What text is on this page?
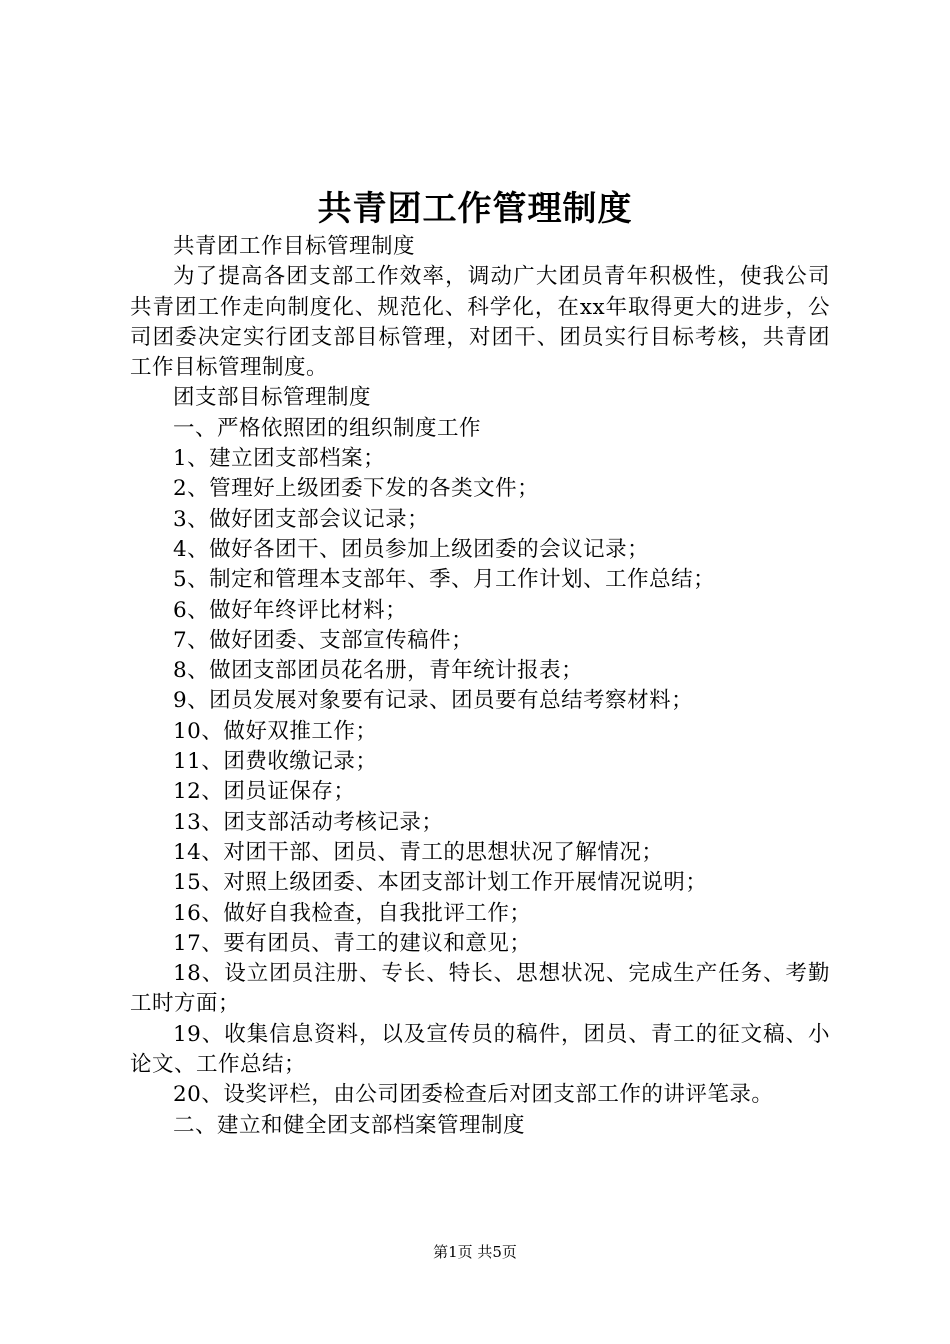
共青团工作管理制度

共青团工作目标管理制度

为了提高各团支部工作效率，调动广大团员青年积极性，使我公司共青团工作走向制度化、规范化、科学化，在xx年取得更大的进步，公司团委决定实行团支部目标管理，对团干、团员实行目标考核，共青团工作目标管理制度。

团支部目标管理制度

一、严格依照团的组织制度工作

1、建立团支部档案；

2、管理好上级团委下发的各类文件；

3、做好团支部会议记录；

4、做好各团干、团员参加上级团委的会议记录；

5、制定和管理本支部年、季、月工作计划、工作总结；

6、做好年终评比材料；

7、做好团委、支部宣传稿件；

8、做团支部团员花名册，青年统计报表；

9、团员发展对象要有记录、团员要有总结考察材料；

10、做好双推工作；

11、团费收缴记录；

12、团员证保存；

13、团支部活动考核记录；

14、对团干部、团员、青工的思想状况了解情况；

15、对照上级团委、本团支部计划工作开展情况说明；

16、做好自我检查，自我批评工作；

17、要有团员、青工的建议和意见；

18、设立团员注册、专长、特长、思想状况、完成生产任务、考勤工时方面；

19、收集信息资料，以及宣传员的稿件，团员、青工的征文稿、小论文、工作总结；

20、设奖评栏，由公司团委检查后对团支部工作的讲评笔录。

二、建立和健全团支部档案管理制度

第1页 共5页
